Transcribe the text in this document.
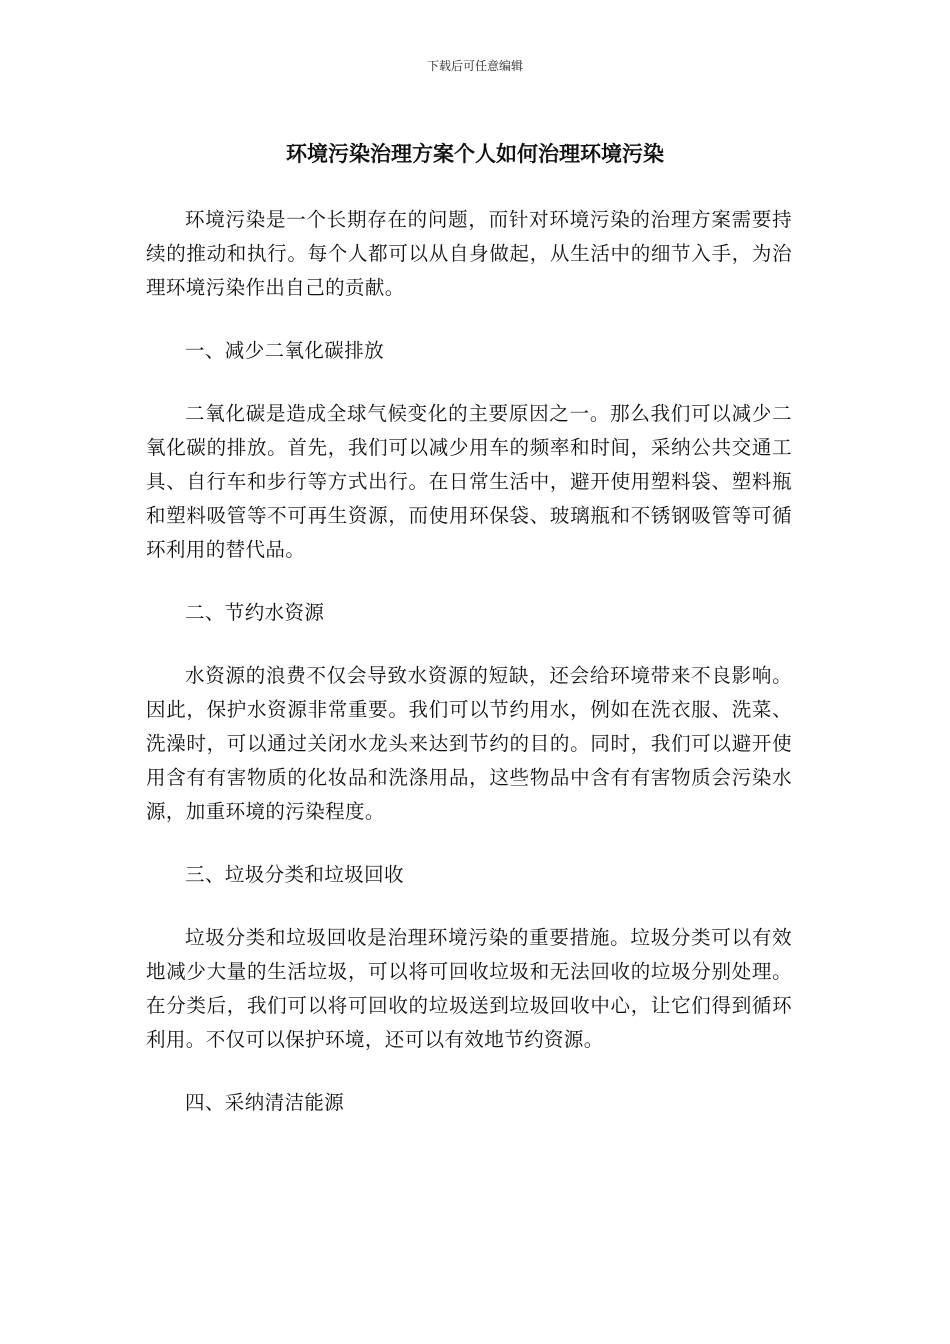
下载后可任意编辑
环境污染治理方案个人如何治理环境污染

环境污染是一个长期存在的问题，而针对环境污染的治理方案需要持续的推动和执行。每个人都可以从自身做起，从生活中的细节入手，为治理环境污染作出自己的贡献。

一、减少二氧化碳排放

二氧化碳是造成全球气候变化的主要原因之一。那么我们可以减少二氧化碳的排放。首先，我们可以减少用车的频率和时间，采纳公共交通工具、自行车和步行等方式出行。在日常生活中，避开使用塑料袋、塑料瓶和塑料吸管等不可再生资源，而使用环保袋、玻璃瓶和不锈钢吸管等可循环利用的替代品。

二、节约水资源

水资源的浪费不仅会导致水资源的短缺，还会给环境带来不良影响。因此，保护水资源非常重要。我们可以节约用水，例如在洗衣服、洗菜、洗澡时，可以通过关闭水龙头来达到节约的目的。同时，我们可以避开使用含有有害物质的化妆品和洗涤用品，这些物品中含有有害物质会污染水源，加重环境的污染程度。

三、垃圾分类和垃圾回收

垃圾分类和垃圾回收是治理环境污染的重要措施。垃圾分类可以有效地减少大量的生活垃圾，可以将可回收垃圾和无法回收的垃圾分别处理。在分类后，我们可以将可回收的垃圾送到垃圾回收中心，让它们得到循环利用。不仅可以保护环境，还可以有效地节约资源。

四、采纳清洁能源
